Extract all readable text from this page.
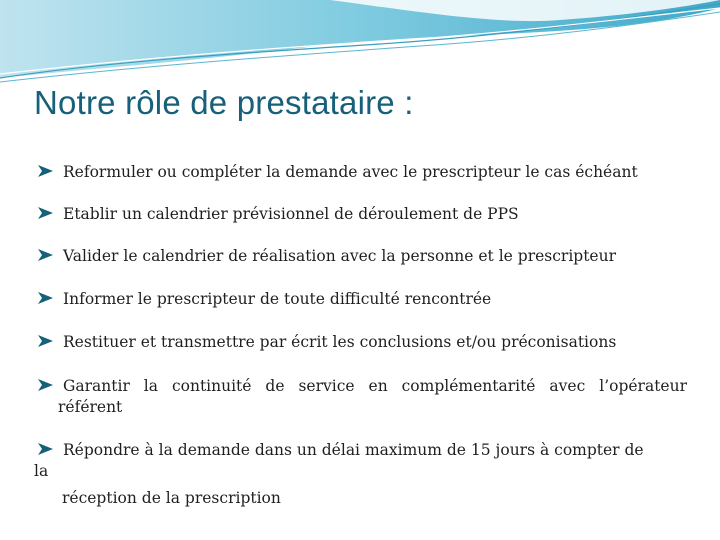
Notre rôle de prestataire :
Reformuler ou compléter la demande avec le prescripteur le cas échéant
Etablir un calendrier prévisionnel de déroulement de PPS
Valider le calendrier de réalisation avec la personne et le prescripteur
Informer le prescripteur de toute difficulté rencontrée
Restituer et transmettre par écrit les conclusions et/ou préconisations
Garantir la continuité de service en complémentarité avec l’opérateur
référent
Répondre à la demande dans un délai maximum de 15 jours à compter de
la
réception de la prescription
